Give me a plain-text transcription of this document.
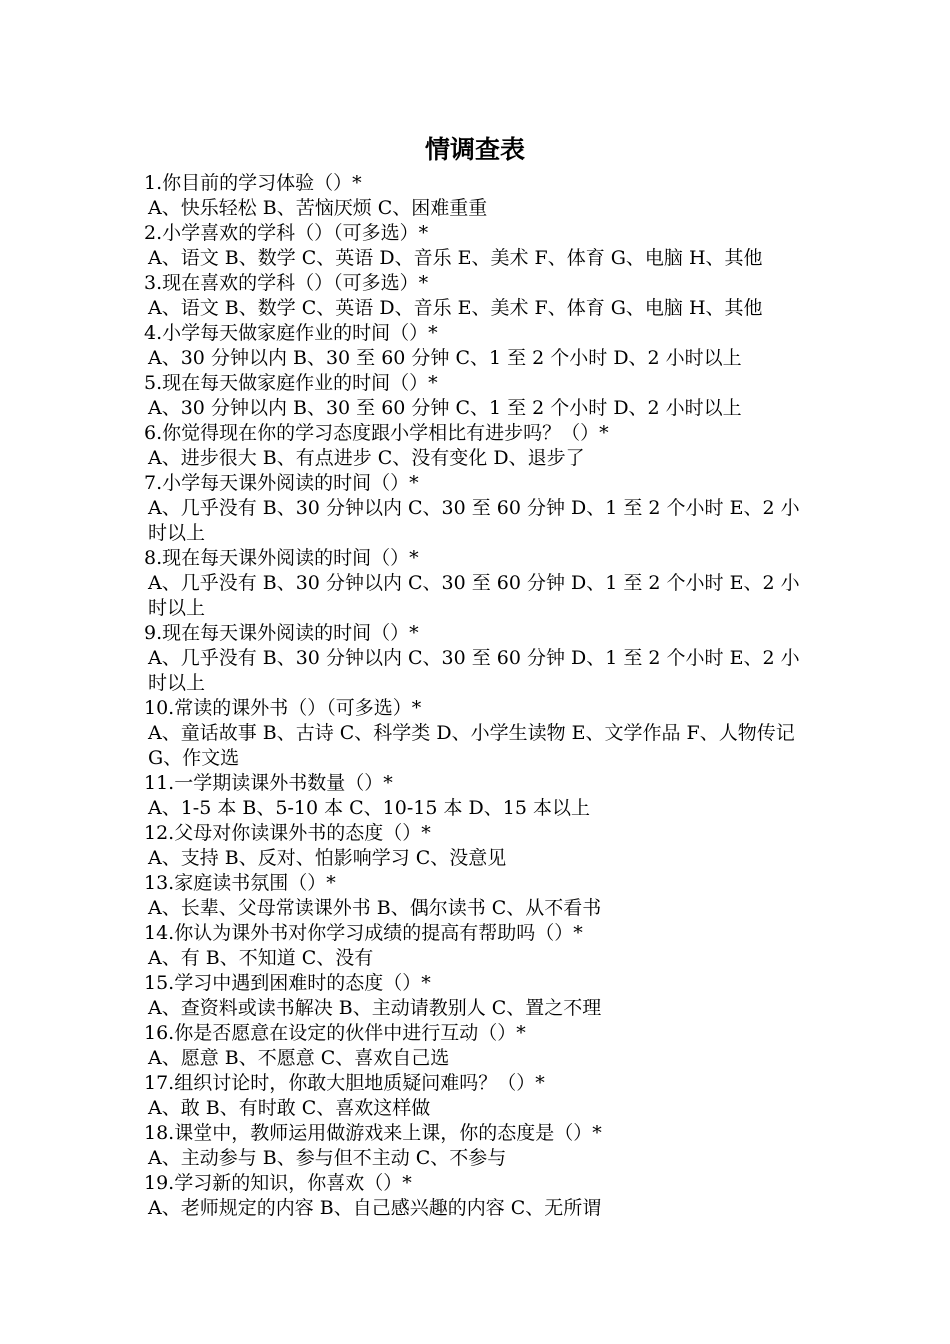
情调查表

1.你目前的学习体验（）*

A、快乐轻松 B、苦恼厌烦 C、困难重重

2.小学喜欢的学科（）（可多选）*

A、语文 B、数学 C、英语 D、音乐 E、美术 F、体育 G、电脑 H、其他

3.现在喜欢的学科（）（可多选）*

A、语文 B、数学 C、英语 D、音乐 E、美术 F、体育 G、电脑 H、其他

4.小学每天做家庭作业的时间（）*

A、30 分钟以内 B、30 至 60 分钟 C、1 至 2 个小时 D、2 小时以上

5.现在每天做家庭作业的时间（）*

A、30 分钟以内 B、30 至 60 分钟 C、1 至 2 个小时 D、2 小时以上

6.你觉得现在你的学习态度跟小学相比有进步吗？（）*

A、进步很大 B、有点进步 C、没有变化 D、退步了

7.小学每天课外阅读的时间（）*

A、几乎没有 B、30 分钟以内 C、30 至 60 分钟 D、1 至 2 个小时 E、2 小时以上

8.现在每天课外阅读的时间（）*

A、几乎没有 B、30 分钟以内 C、30 至 60 分钟 D、1 至 2 个小时 E、2 小时以上

9.现在每天课外阅读的时间（）*

A、几乎没有 B、30 分钟以内 C、30 至 60 分钟 D、1 至 2 个小时 E、2 小时以上

10.常读的课外书（）（可多选）*

A、童话故事 B、古诗 C、科学类 D、小学生读物 E、文学作品 F、人物传记 G、作文选

11.一学期读课外书数量（）*

A、1-5 本 B、5-10 本 C、10-15 本 D、15 本以上

12.父母对你读课外书的态度（）*

A、支持 B、反对、怕影响学习 C、没意见

13.家庭读书氛围（）*

A、长辈、父母常读课外书 B、偶尔读书 C、从不看书

14.你认为课外书对你学习成绩的提高有帮助吗（）*

A、有 B、不知道 C、没有

15.学习中遇到困难时的态度（）*

A、查资料或读书解决 B、主动请教别人 C、置之不理

16.你是否愿意在设定的伙伴中进行互动（）*

A、愿意 B、不愿意 C、喜欢自己选

17.组织讨论时，你敢大胆地质疑问难吗？（）*

A、敢 B、有时敢 C、喜欢这样做

18.课堂中，教师运用做游戏来上课，你的态度是（）*

A、主动参与 B、参与但不主动 C、不参与

19.学习新的知识，你喜欢（）*

A、老师规定的内容 B、自己感兴趣的内容 C、无所谓
